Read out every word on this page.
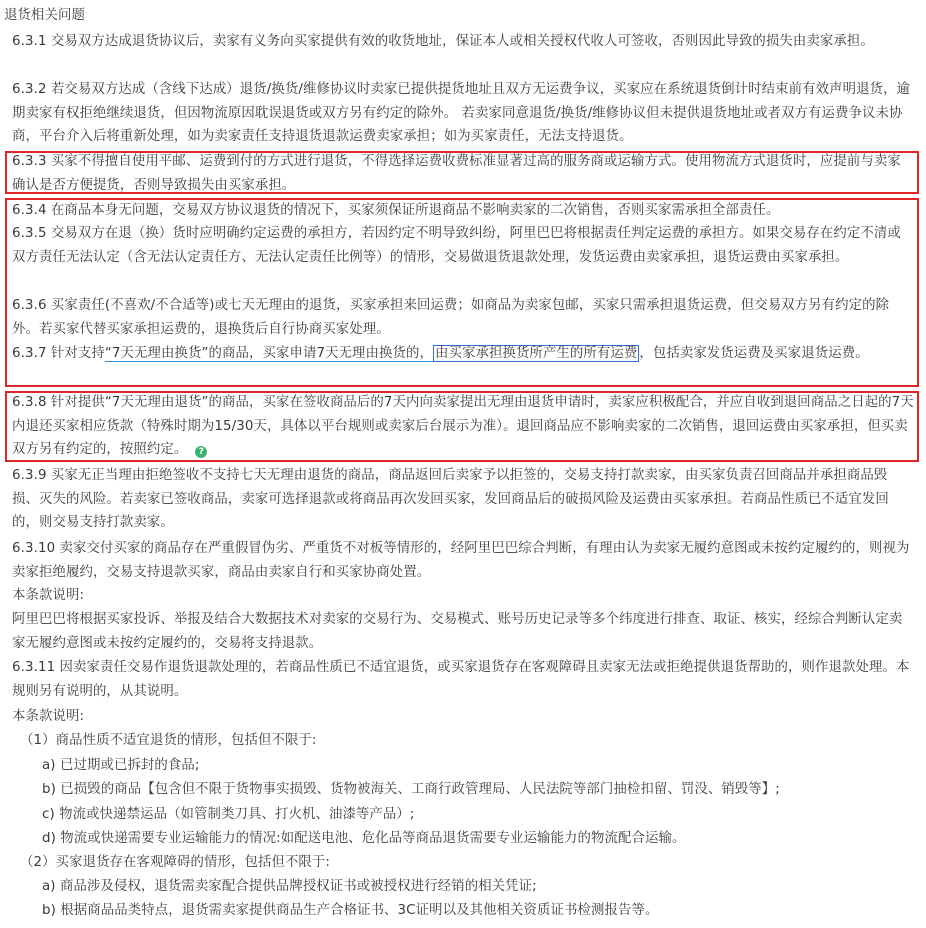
退货相关问题

6.3.1 交易双方达成退货协议后，卖家有义务向买家提供有效的收货地址，保证本人或相关授权代收人可签收，否则因此导致的损失由卖家承担。

6.3.2 若交易双方达成（含线下达成）退货/换货/维修协议时卖家已提供提货地址且双方无运费争议，买家应在系统退货倒计时结束前有效声明退货，逾期卖家有权拒绝继续退货，但因物流原因耽误退货或双方另有约定的除外。 若卖家同意退货/换货/维修协议但未提供退货地址或者双方有运费争议未协商，平台介入后将重新处理，如为卖家责任支持退货退款运费卖家承担；如为买家责任，无法支持退货。

6.3.3 买家不得擅自使用平邮、运费到付的方式进行退货，不得选择运费收费标准显著过高的服务商或运输方式。使用物流方式退货时，应提前与卖家确认是否方便提货，否则导致损失由买家承担。

6.3.4 在商品本身无问题，交易双方协议退货的情况下，买家须保证所退商品不影响卖家的二次销售，否则买家需承担全部责任。

6.3.5 交易双方在退（换）货时应明确约定运费的承担方，若因约定不明导致纠纷，阿里巴巴将根据责任判定运费的承担方。如果交易存在约定不清或双方责任无法认定（含无法认定责任方、无法认定责任比例等）的情形，交易做退货退款处理，发货运费由卖家承担，退货运费由买家承担。

6.3.6 买家责任(不喜欢/不合适等)或七天无理由的退货，买家承担来回运费；如商品为卖家包邮，买家只需承担退货运费，但交易双方另有约定的除外。若买家代替买家承担运费的，退换货后自行协商买家处理。

6.3.7 针对支持“7天无理由换货”的商品，买家申请7天无理由换货的， 由买家承担换货所产生的所有运费 ，包括卖家发货运费及买家退货运费。

6.3.8 针对提供“7天无理由退货”的商品，买家在签收商品后的7天内向卖家提出无理由退货申请时，卖家应积极配合，并应自收到退回商品之日起的7天内退还买家相应货款（特殊时期为15/30天，具体以平台规则或卖家后台展示为准）。退回商品应不影响卖家的二次销售，退回运费由买家承担，但买卖双方另有约定的，按照约定。 ?

6.3.9 买家无正当理由拒绝签收不支持七天无理由退货的商品，商品返回后卖家予以拒签的，交易支持打款卖家，由买家负责召回商品并承担商品毁损、灭失的风险。若卖家已签收商品，卖家可选择退款或将商品再次发回买家，发回商品后的破损风险及运费由买家承担。若商品性质已不适宜发回的，则交易支持打款卖家。

6.3.10 卖家交付买家的商品存在严重假冒伪劣、严重货不对板等情形的，经阿里巴巴综合判断，有理由认为卖家无履约意图或未按约定履约的，则视为卖家拒绝履约，交易支持退款买家，商品由卖家自行和买家协商处置。

本条款说明:

阿里巴巴将根据买家投诉、举报及结合大数据技术对卖家的交易行为、交易模式、账号历史记录等多个纬度进行排查、取证、核实，经综合判断认定卖家无履约意图或未按约定履约的，交易将支持退款。

6.3.11 因卖家责任交易作退货退款处理的，若商品性质已不适宜退货，或买家退货存在客观障碍且卖家无法或拒绝提供退货帮助的，则作退款处理。本规则另有说明的，从其说明。

本条款说明:
（1）商品性质不适宜退货的情形，包括但不限于:
a) 已过期或已拆封的食品;
b) 已损毁的商品【包含但不限于货物事实损毁、货物被海关、工商行政管理局、人民法院等部门抽检扣留、罚没、销毁等】;
c) 物流或快递禁运品（如管制类刀具、打火机、油漆等产品）;
d) 物流或快递需要专业运输能力的情况:如配送电池、危化品等商品退货需要专业运输能力的物流配合运输。
（2）买家退货存在客观障碍的情形，包括但不限于:
a) 商品涉及侵权，退货需卖家配合提供品牌授权证书或被授权进行经销的相关凭证;
b) 根据商品品类特点，退货需卖家提供商品生产合格证书、3C证明以及其他相关资质证书检测报告等。
